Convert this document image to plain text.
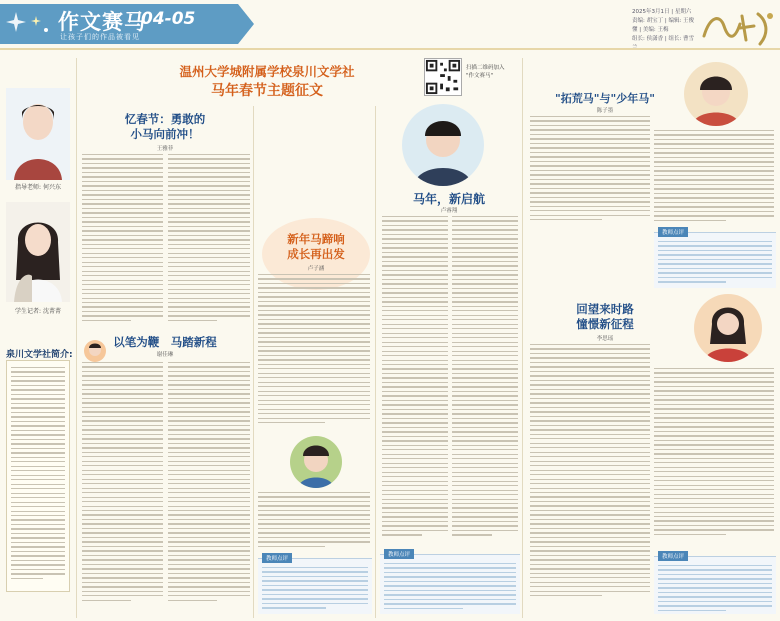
作文赛马
04-05
让孩子们的作品被看见
2025年3月1日 | 星期六
责编: 胡宝丁 | 编辑: 王俊懂 | 美编: 王梅
组长: 侯潇香 | 组长: 曹雪
指导老师: 何兴东
学生记者: 沈菁菁
泉川文学社简介:
温州大学城附属学校泉川文学社
马年春节主题征文
扫描二维码加入
"作文赛马"
忆春节：勇敢的
小马向前冲！
王雅菲
以笔为鞭　马踏新程
谢佳琳
新年马蹄响
成长再出发
卢子涵
教师点评
马年，新启航
卢睿翔
教师点评
"拓荒马"与"少年马"
陈子墨
教师点评
回望来时路
憧憬新征程
李思瑶
教师点评
